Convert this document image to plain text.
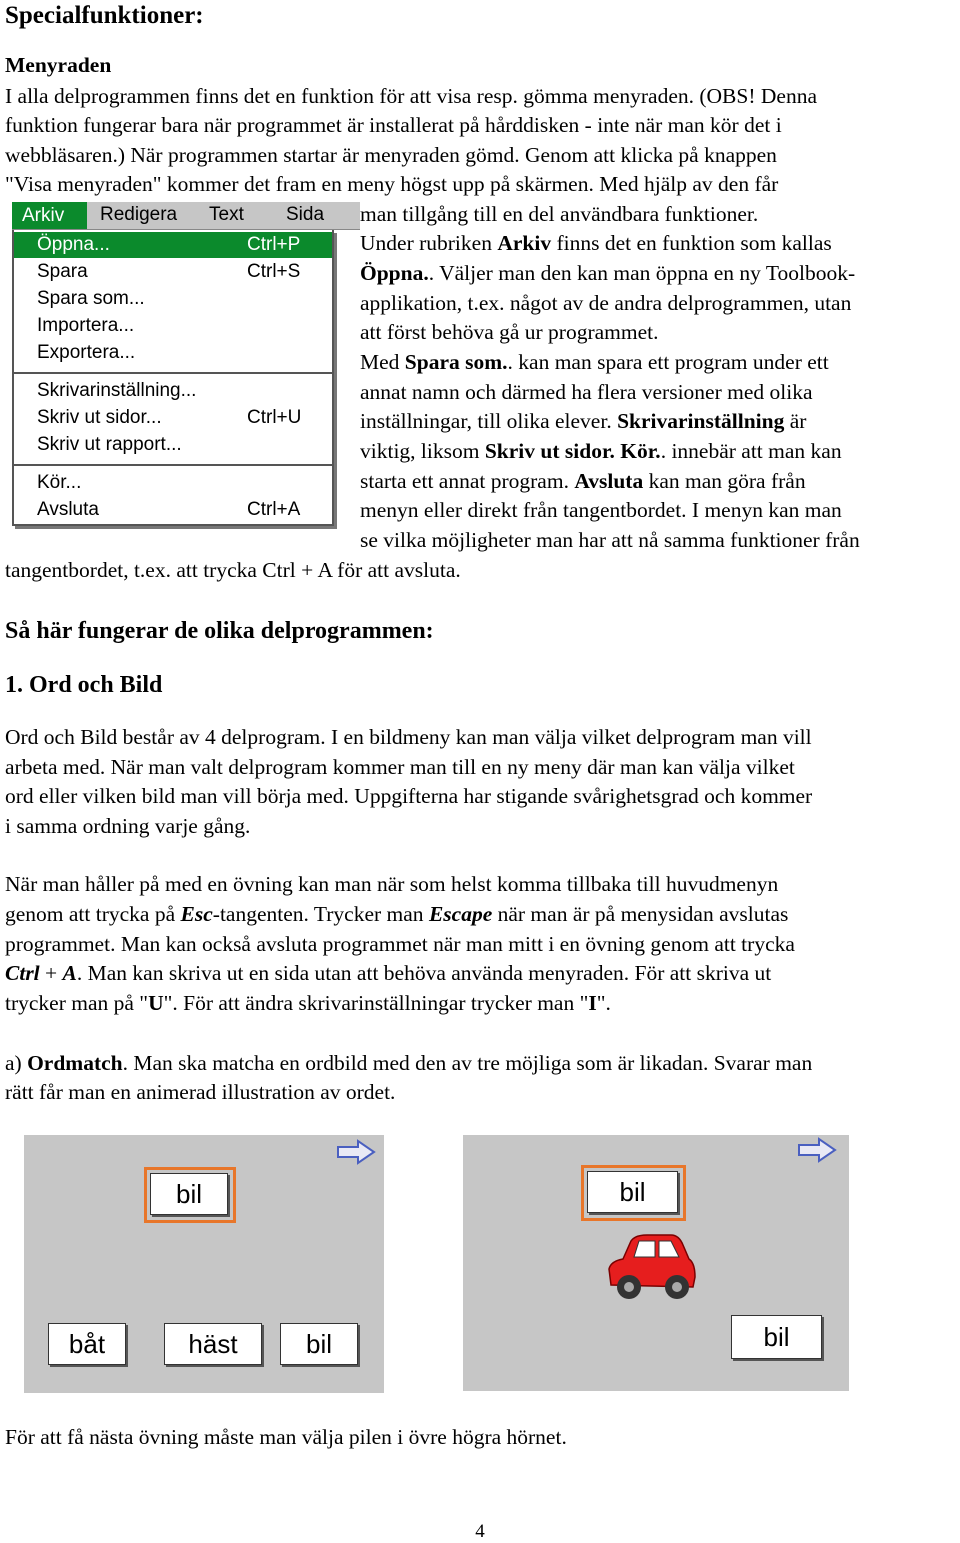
Specialfunktioner:
Menyraden
I alla delprogrammen finns det en funktion för att visa resp. gömma menyraden. (OBS! Denna
funktion fungerar bara när programmet är installerat på hårddisken - inte när man kör det i
webbläsaren.) När programmen startar är menyraden gömd. Genom att klicka på knappen
"Visa menyraden" kommer det fram en meny högst upp på skärmen. Med hjälp av den får
Arkiv	Redigera Text Sida
Öppna...	Ctrl+P
Spara	Ctrl+S
Spara som...
Importera...
Exportera...
Skrivarinställning...
Skriv ut sidor...	Ctrl+U
Skriv ut rapport...
Kör...
Avsluta	Ctrl+A
man tillgång till en del användbara funktioner.
Under rubriken Arkiv finns det en funktion som kallas
Öppna.. Väljer man den kan man öppna en ny Toolbook-
applikation, t.ex. något av de andra delprogrammen, utan
att först behöva gå ur programmet.
Med Spara som.. kan man spara ett program under ett
annat namn och därmed ha flera versioner med olika
inställningar, till olika elever. Skrivarinställning är
viktig, liksom Skriv ut sidor. Kör.. innebär att man kan
starta ett annat program. Avsluta kan man göra från
menyn eller direkt från tangentbordet. I menyn kan man
se vilka möjligheter man har att nå samma funktioner från
tangentbordet, t.ex. att trycka Ctrl + A för att avsluta.
Så här fungerar de olika delprogrammen:
1. Ord och Bild
Ord och Bild består av 4 delprogram. I en bildmeny kan man välja vilket delprogram man vill
arbeta med. När man valt delprogram kommer man till en ny meny där man kan välja vilket
ord eller vilken bild man vill börja med. Uppgifterna har stigande svårighetsgrad och kommer
i samma ordning varje gång.
När man håller på med en övning kan man när som helst komma tillbaka till huvudmenyn
genom att trycka på Esc-tangenten. Trycker man Escape när man är på menysidan avslutas
programmet. Man kan också avsluta programmet när man mitt i en övning genom att trycka
Ctrl + A. Man kan skriva ut en sida utan att behöva använda menyraden. För att skriva ut
trycker man på "U". För att ändra skrivarinställningar trycker man "I".
a) Ordmatch. Man ska matcha en ordbild med den av tre möjliga som är likadan. Svarar man
rätt får man en animerad illustration av ordet.
bil
båt	häst	bil
bil
bil
För att få nästa övning måste man välja pilen i övre högra hörnet.
4
